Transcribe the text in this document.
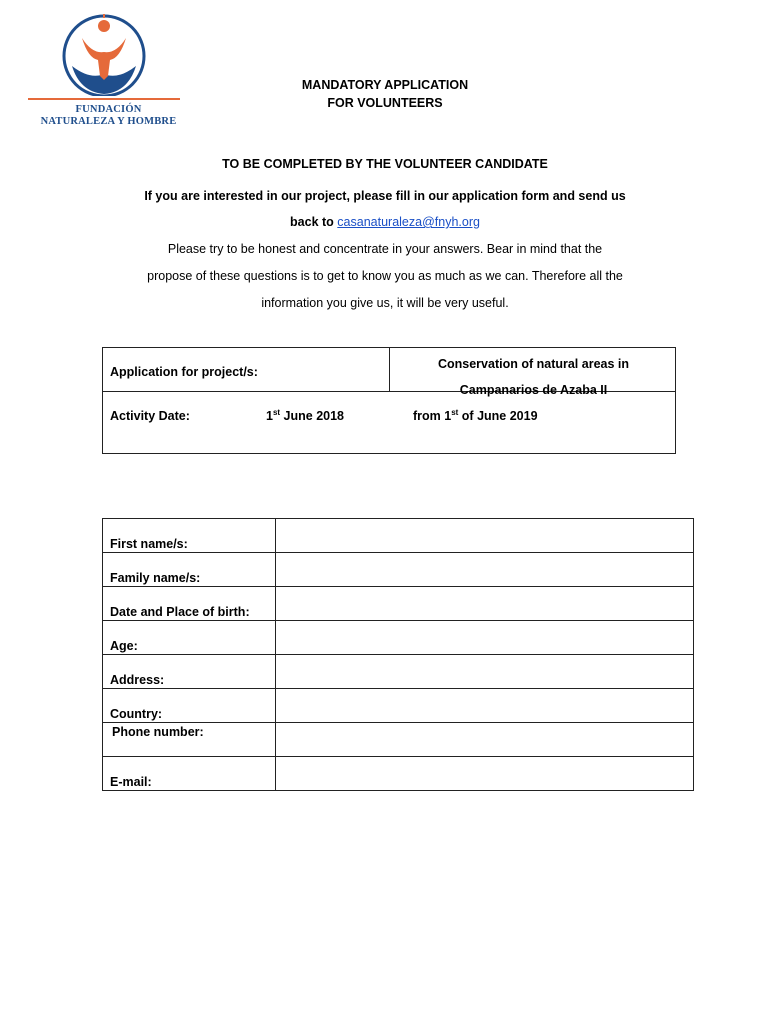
FUNDACIÓN
NATURALEZA Y HOMBRE
MANDATORY APPLICATION
FOR VOLUNTEERS
TO BE COMPLETED BY THE VOLUNTEER CANDIDATE
If you are interested in our project, please fill in our application form and send us
back to casanaturaleza@fnyh.org
Please try to be honest and concentrate in your answers. Bear in mind that the
propose of these questions is to get to know you as much as we can. Therefore all the
information you give us, it will be very useful.
Application for project/s:
Conservation of natural areas in
Campanarios de Azaba II
Activity Date:	1st June 2018	from 1st of June 2019
First name/s:	
Family name/s:	
Date and Place of birth:	
Age:	
Address:	
Country:	
Phone number:	
E-mail:	
